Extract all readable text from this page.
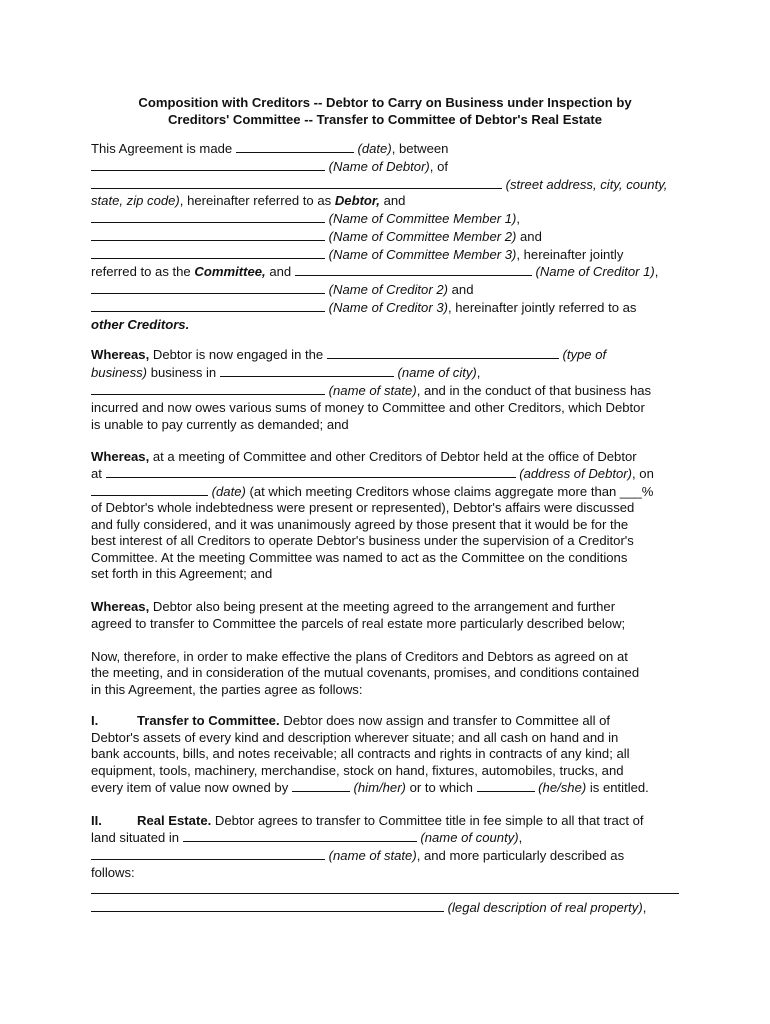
Composition with Creditors -- Debtor to Carry on Business under Inspection by
Creditors' Committee -- Transfer to Committee of Debtor's Real Estate
This Agreement is made	(date), between
(Name of Debtor), of
(street address, city, county,
state, zip code), hereinafter referred to as Debtor, and
(Name of Committee Member 1),
(Name of Committee Member 2) and
(Name of Committee Member 3), hereinafter jointly
referred to as the Committee, and	(Name of Creditor 1),
(Name of Creditor 2) and
(Name of Creditor 3), hereinafter jointly referred to as
other Creditors.
Whereas, Debtor is now engaged in the	(type of
business) business in	(name of city),
(name of state), and in the conduct of that business has
incurred and now owes various sums of money to Committee and other Creditors, which Debtor
is unable to pay currently as demanded; and
Whereas, at a meeting of Committee and other Creditors of Debtor held at the office of Debtor
at	(address of Debtor), on
(date) (at which meeting Creditors whose claims aggregate more than ___%
of Debtor's whole indebtedness were present or represented), Debtor's affairs were discussed
and fully considered, and it was unanimously agreed by those present that it would be for the
best interest of all Creditors to operate Debtor's business under the supervision of a Creditor's
Committee. At the meeting Committee was named to act as the Committee on the conditions
set forth in this Agreement; and
Whereas, Debtor also being present at the meeting agreed to the arrangement and further
agreed to transfer to Committee the parcels of real estate more particularly described below;
Now, therefore, in order to make effective the plans of Creditors and Debtors as agreed on at
the meeting, and in consideration of the mutual covenants, promises, and conditions contained
in this Agreement, the parties agree as follows:
I.	Transfer to Committee. Debtor does now assign and transfer to Committee all of
Debtor's assets of every kind and description wherever situate; and all cash on hand and in
bank accounts, bills, and notes receivable; all contracts and rights in contracts of any kind; all
equipment, tools, machinery, merchandise, stock on hand, fixtures, automobiles, trucks, and
every item of value now owned by	(him/her) or to which	(he/she) is entitled.
II.	Real Estate. Debtor agrees to transfer to Committee title in fee simple to all that tract of
land situated in	(name of county),
(name of state), and more particularly described as
follows:
(legal description of real property),
